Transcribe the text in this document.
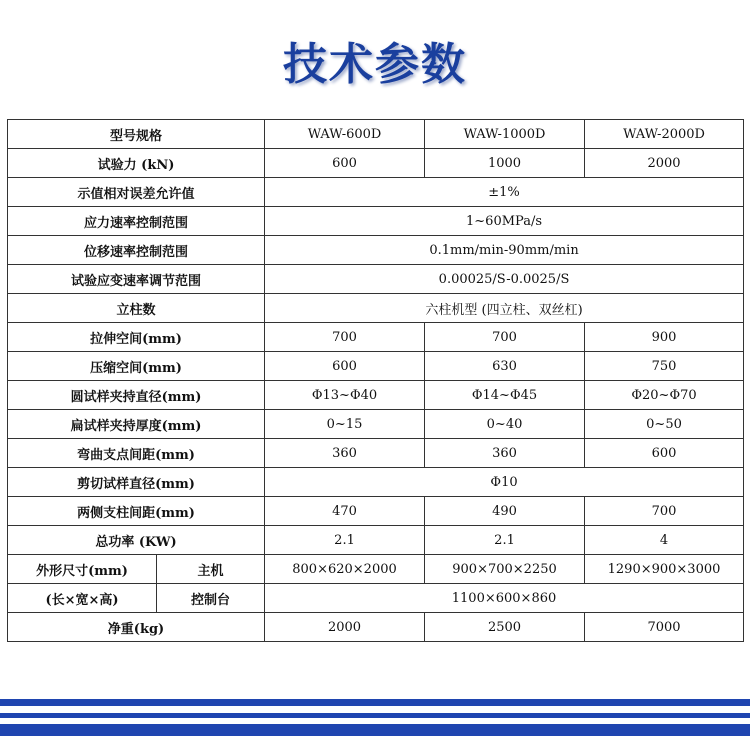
技术参数
型号规格		WAW-600D	WAW-1000D	WAW-2000D
试验力 (kN)		600	1000	2000
示值相对误差允许值		±1%		
应力速率控制范围		1~60MPa/s		
位移速率控制范围		0.1mm/min-90mm/min		
试验应变速率调节范围		0.00025/S-0.0025/S		
立柱数		六柱机型 (四立柱、双丝杠)		
拉伸空间(mm)		700	700	900
压缩空间(mm)		600	630	750
圆试样夹持直径(mm)		Φ13~Φ40	Φ14~Φ45	Φ20~Φ70
扁试样夹持厚度(mm)		0~15	0~40	0~50
弯曲支点间距(mm)		360	360	600
剪切试样直径(mm)		Φ10		
两侧支柱间距(mm)		470	490	700
总功率 (KW)		2.1	2.1	4
外形尺寸(mm)	主机	800×620×2000	900×700×2250	1290×900×3000
(长×宽×高)	控制台	1100×600×860		
净重(kg)		2000	2500	7000
